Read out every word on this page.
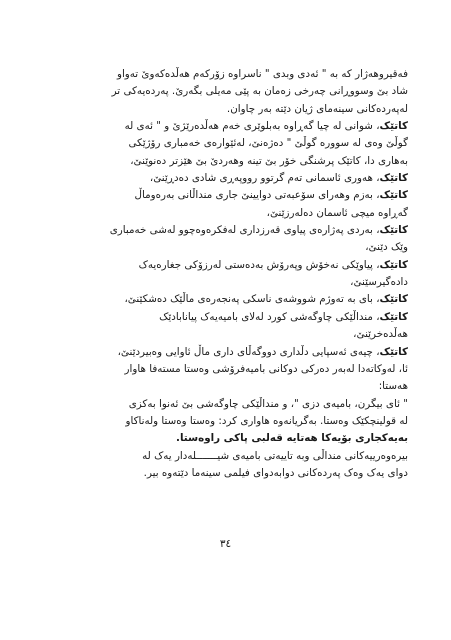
فەقیروهەژار کە بە " ئەدی وبدی " ناسراوە زۆرکەم هەڵدەکەوێ تەواو
شاد بێ وسووڕانی چەرخی زەمان بە پێی مەیلی بگەرێ. پەردەیەکی تر
لەپەردەکانی سینەمای ژیان دێتە بەر چاوان.
کاتێک، شوانی لە چیا گەڕاوە بەبلوێری خەم هەڵدەرێژێ و " ئەی لە
گوڵێ وەی لە سووره گوڵێ " دەژەنێ، لەئێوارەی خەمباری رۆژێکی
بەهاری دا، کاتێک پرشنگی خۆر بێ تینە وهەردێ بێ هێزتر دەنوێنێ،
کاتێک، هەوری ئاسمانی تەم گرتوو رووپەڕی شادی دەدڕێنێ،
کاتێک، بەزم وهەرای سۆعبەتی دوایینێ جاری منداڵانی بەرەوماڵ
گەڕاوە میچی ئاسمان دەلەرزێنێ،
کاتێک، بەردی پەژارەی پیاوی قەرزداری لەفکرەوەچوو لەشی خەمباری
وێک دێنێ،
کاتێک، پیاوێکی نەخۆش وپەرۆش بەدەستی لەرزۆکی جغارەیەک
دادەگیرسێنێ،
کاتێک، بای بە تەوژم شووشەی ناسکی پەنجەرەی ماڵێک دەشکێنێ،
کاتێک، منداڵێکی چاوگەشی کورد لەلای بامیەیەک پیانابادێک
هەڵدەخرێنێ،
کاتێک، چیەی ئەسپایی دڵداری دووگەڵای داری ماڵ ئاوایی وەبیردێنێ،
ئا، لەوکاتەدا لەبەر دەرکی دوکانی بامیەفرۆشی وەستا مستەفا هاوار
هەستا:
" ئای بیگرن، بامیەی دزی "، و منداڵێکی چاوگەشی بێ ئەنوا بەکزی
لە قولینچکێک وەستا. بەگریانەوە هاواری کرد: وەستا وەستا ولەناکاو
بەیەکجاری بۆیەکا هەتایە قەلبی پاکی راوەستا.
بیرەوەرییەکانی منداڵی وبە تاییەتی بامیەی شیـــــــلەدار یەک لە
دوای یەک وەک پەردەکانی دوابەدوای فیلمی سینەما دێتەوە بیر.
٣٤
